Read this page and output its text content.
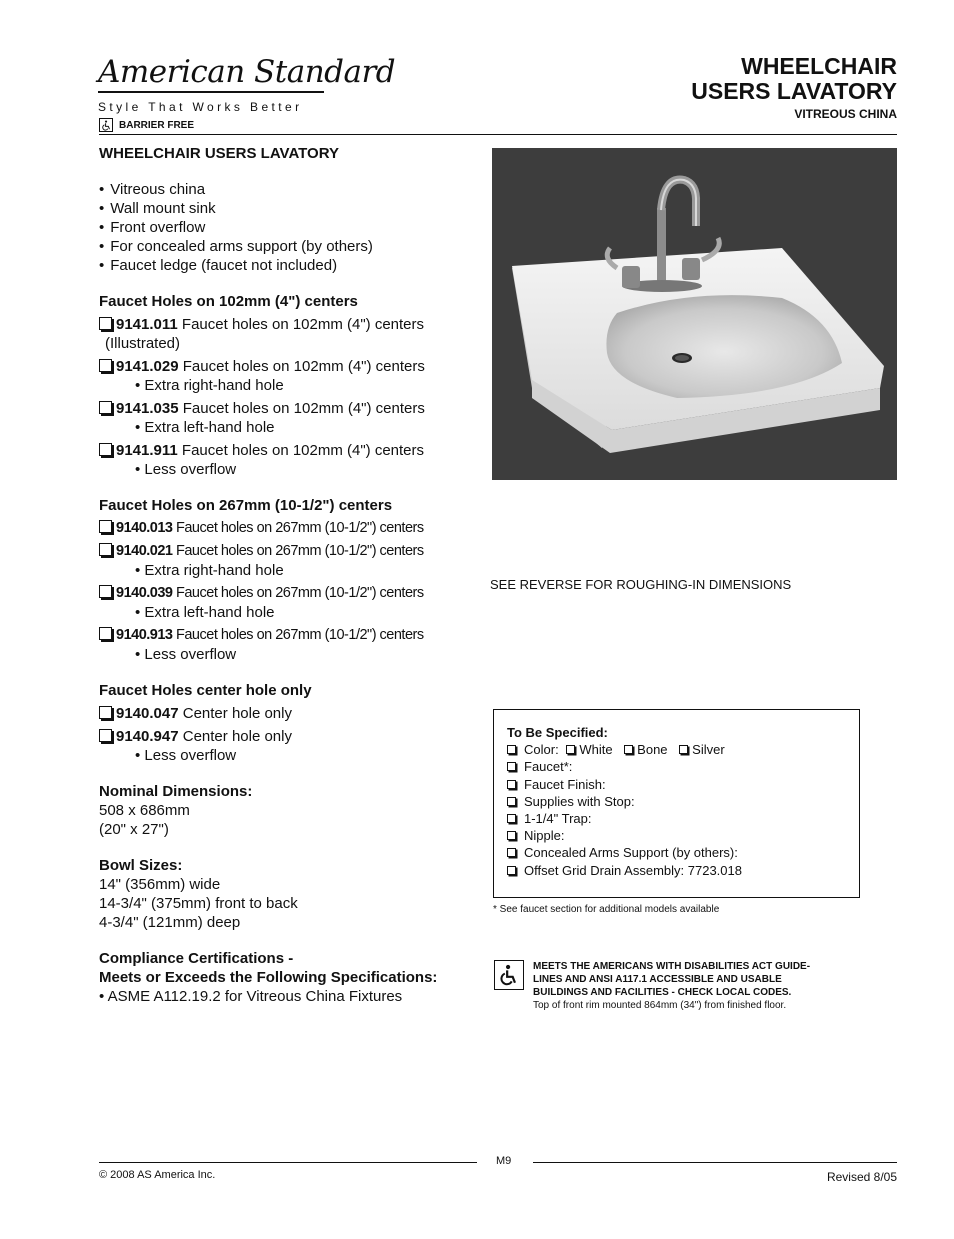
American Standard
Style That Works Better
BARRIER FREE
WHEELCHAIR
USERS LAVATORY
VITREOUS CHINA
WHEELCHAIR USERS LAVATORY
• Vitreous china
• Wall mount sink
• Front overflow
• For concealed arms support (by others)
• Faucet ledge (faucet not included)
Faucet Holes on 102mm (4") centers
9141.011 Faucet holes on 102mm (4") centers
(Illustrated)
9141.029 Faucet holes on 102mm (4") centers
• Extra right-hand hole
9141.035 Faucet holes on 102mm (4") centers
• Extra left-hand hole
9141.911 Faucet holes on 102mm (4") centers
• Less overflow
Faucet Holes on 267mm (10-1/2") centers
9140.013 Faucet holes on 267mm (10-1/2") centers
9140.021 Faucet holes on 267mm (10-1/2") centers
• Extra right-hand hole
9140.039 Faucet holes on 267mm (10-1/2") centers
• Extra left-hand hole
9140.913 Faucet holes on 267mm (10-1/2") centers
• Less overflow
Faucet Holes center hole only
9140.047 Center hole only
9140.947 Center hole only
• Less overflow
Nominal Dimensions:
508 x 686mm
(20" x 27")
Bowl Sizes:
14" (356mm) wide
14-3/4" (375mm) front to back
4-3/4" (121mm) deep
Compliance Certifications -
Meets or Exceeds the Following Specifications:
• ASME A112.19.2 for Vitreous China Fixtures
SEE REVERSE FOR ROUGHING-IN DIMENSIONS
To Be Specified:
Color: White Bone Silver
Faucet*:
Faucet Finish:
Supplies with Stop:
1-1/4" Trap:
Nipple:
Concealed Arms Support (by others):
Offset Grid Drain Assembly: 7723.018
* See faucet section for additional models available
MEETS THE AMERICANS WITH DISABILITIES ACT GUIDE-
LINES AND ANSI A117.1 ACCESSIBLE AND USABLE
BUILDINGS AND FACILITIES - CHECK LOCAL CODES.
Top of front rim mounted 864mm (34") from finished floor.
M9
© 2008 AS America Inc.	Revised 8/05
